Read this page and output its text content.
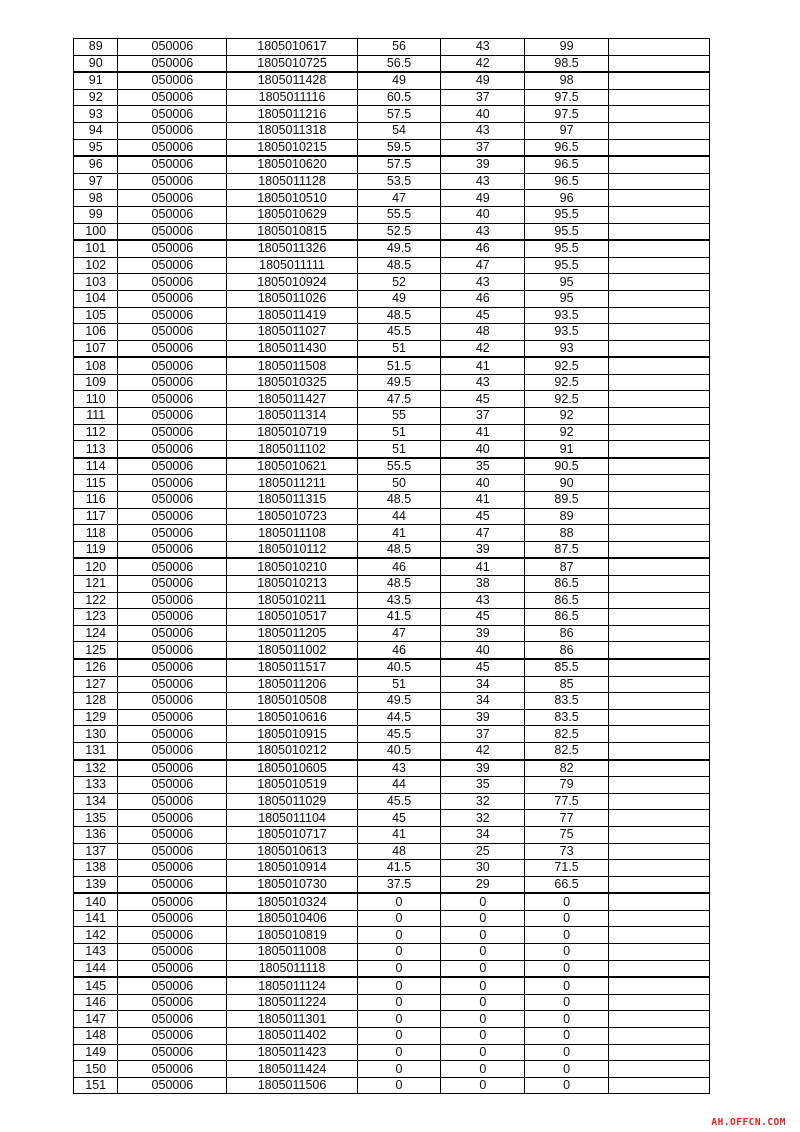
89	050006	1805010617	56	43	99	
90	050006	1805010725	56.5	42	98.5	
91	050006	1805011428	49	49	98	
92	050006	1805011116	60.5	37	97.5	
93	050006	1805011216	57.5	40	97.5	
94	050006	1805011318	54	43	97	
95	050006	1805010215	59.5	37	96.5	
96	050006	1805010620	57.5	39	96.5	
97	050006	1805011128	53.5	43	96.5	
98	050006	1805010510	47	49	96	
99	050006	1805010629	55.5	40	95.5	
100	050006	1805010815	52.5	43	95.5	
101	050006	1805011326	49.5	46	95.5	
102	050006	1805011111	48.5	47	95.5	
103	050006	1805010924	52	43	95	
104	050006	1805011026	49	46	95	
105	050006	1805011419	48.5	45	93.5	
106	050006	1805011027	45.5	48	93.5	
107	050006	1805011430	51	42	93	
108	050006	1805011508	51.5	41	92.5	
109	050006	1805010325	49.5	43	92.5	
110	050006	1805011427	47.5	45	92.5	
111	050006	1805011314	55	37	92	
112	050006	1805010719	51	41	92	
113	050006	1805011102	51	40	91	
114	050006	1805010621	55.5	35	90.5	
115	050006	1805011211	50	40	90	
116	050006	1805011315	48.5	41	89.5	
117	050006	1805010723	44	45	89	
118	050006	1805011108	41	47	88	
119	050006	1805010112	48.5	39	87.5	
120	050006	1805010210	46	41	87	
121	050006	1805010213	48.5	38	86.5	
122	050006	1805010211	43.5	43	86.5	
123	050006	1805010517	41.5	45	86.5	
124	050006	1805011205	47	39	86	
125	050006	1805011002	46	40	86	
126	050006	1805011517	40.5	45	85.5	
127	050006	1805011206	51	34	85	
128	050006	1805010508	49.5	34	83.5	
129	050006	1805010616	44.5	39	83.5	
130	050006	1805010915	45.5	37	82.5	
131	050006	1805010212	40.5	42	82.5	
132	050006	1805010605	43	39	82	
133	050006	1805010519	44	35	79	
134	050006	1805011029	45.5	32	77.5	
135	050006	1805011104	45	32	77	
136	050006	1805010717	41	34	75	
137	050006	1805010613	48	25	73	
138	050006	1805010914	41.5	30	71.5	
139	050006	1805010730	37.5	29	66.5	
140	050006	1805010324	0	0	0	
141	050006	1805010406	0	0	0	
142	050006	1805010819	0	0	0	
143	050006	1805011008	0	0	0	
144	050006	1805011118	0	0	0	
145	050006	1805011124	0	0	0	
146	050006	1805011224	0	0	0	
147	050006	1805011301	0	0	0	
148	050006	1805011402	0	0	0	
149	050006	1805011423	0	0	0	
150	050006	1805011424	0	0	0	
151	050006	1805011506	0	0	0	
AH.OFFCN.COM
